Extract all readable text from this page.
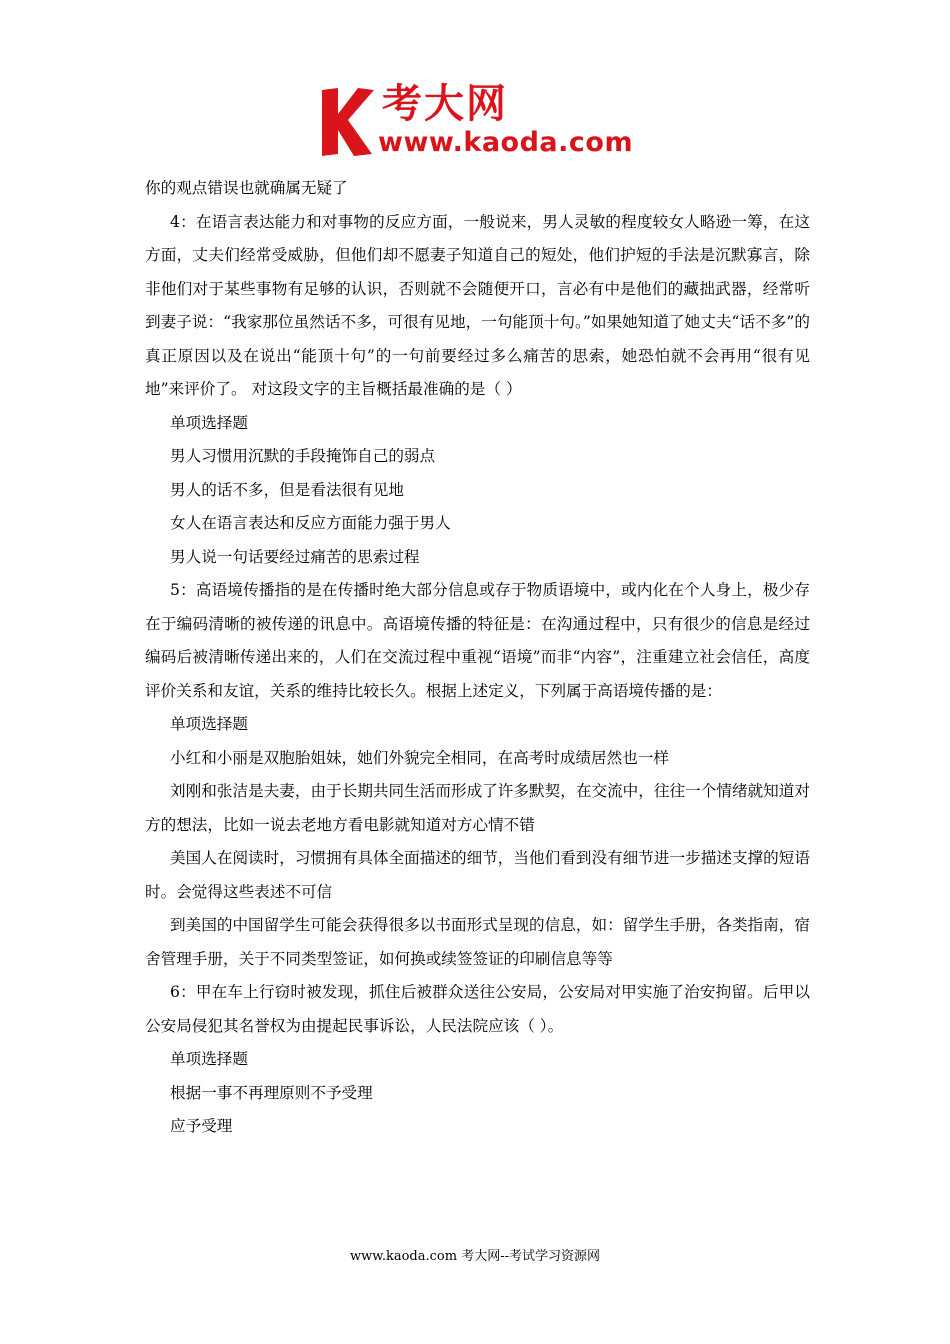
考大网
www.kaoda.com

你的观点错误也就确属无疑了

4：在语言表达能力和对事物的反应方面，一般说来，男人灵敏的程度较女人略逊一筹，在这方面，丈夫们经常受威胁，但他们却不愿妻子知道自己的短处，他们护短的手法是沉默寡言，除非他们对于某些事物有足够的认识，否则就不会随便开口，言必有中是他们的藏拙武器，经常听到妻子说：“我家那位虽然话不多，可很有见地，一句能顶十句。”如果她知道了她丈夫“话不多”的真正原因以及在说出“能顶十句”的一句前要经过多么痛苦的思索，她恐怕就不会再用“很有见地”来评价了。 对这段文字的主旨概括最准确的是（ ）

单项选择题

男人习惯用沉默的手段掩饰自己的弱点

男人的话不多，但是看法很有见地

女人在语言表达和反应方面能力强于男人

男人说一句话要经过痛苦的思索过程

5：高语境传播指的是在传播时绝大部分信息或存于物质语境中，或内化在个人身上，极少存在于编码清晰的被传递的讯息中。高语境传播的特征是：在沟通过程中，只有很少的信息是经过编码后被清晰传递出来的，人们在交流过程中重视“语境”而非“内容”，注重建立社会信任，高度评价关系和友谊，关系的维持比较长久。根据上述定义，下列属于高语境传播的是：

单项选择题

小红和小丽是双胞胎姐妹，她们外貌完全相同，在高考时成绩居然也一样

刘刚和张洁是夫妻，由于长期共同生活而形成了许多默契，在交流中，往往一个情绪就知道对方的想法，比如一说去老地方看电影就知道对方心情不错

美国人在阅读时，习惯拥有具体全面描述的细节，当他们看到没有细节进一步描述支撑的短语时。会觉得这些表述不可信

到美国的中国留学生可能会获得很多以书面形式呈现的信息，如：留学生手册，各类指南，宿舍管理手册，关于不同类型签证，如何换或续签签证的印刷信息等等

6：甲在车上行窃时被发现，抓住后被群众送往公安局，公安局对甲实施了治安拘留。后甲以公安局侵犯其名誉权为由提起民事诉讼，人民法院应该（ ）。

单项选择题

根据一事不再理原则不予受理

应予受理

www.kaoda.com 考大网--考试学习资源网
